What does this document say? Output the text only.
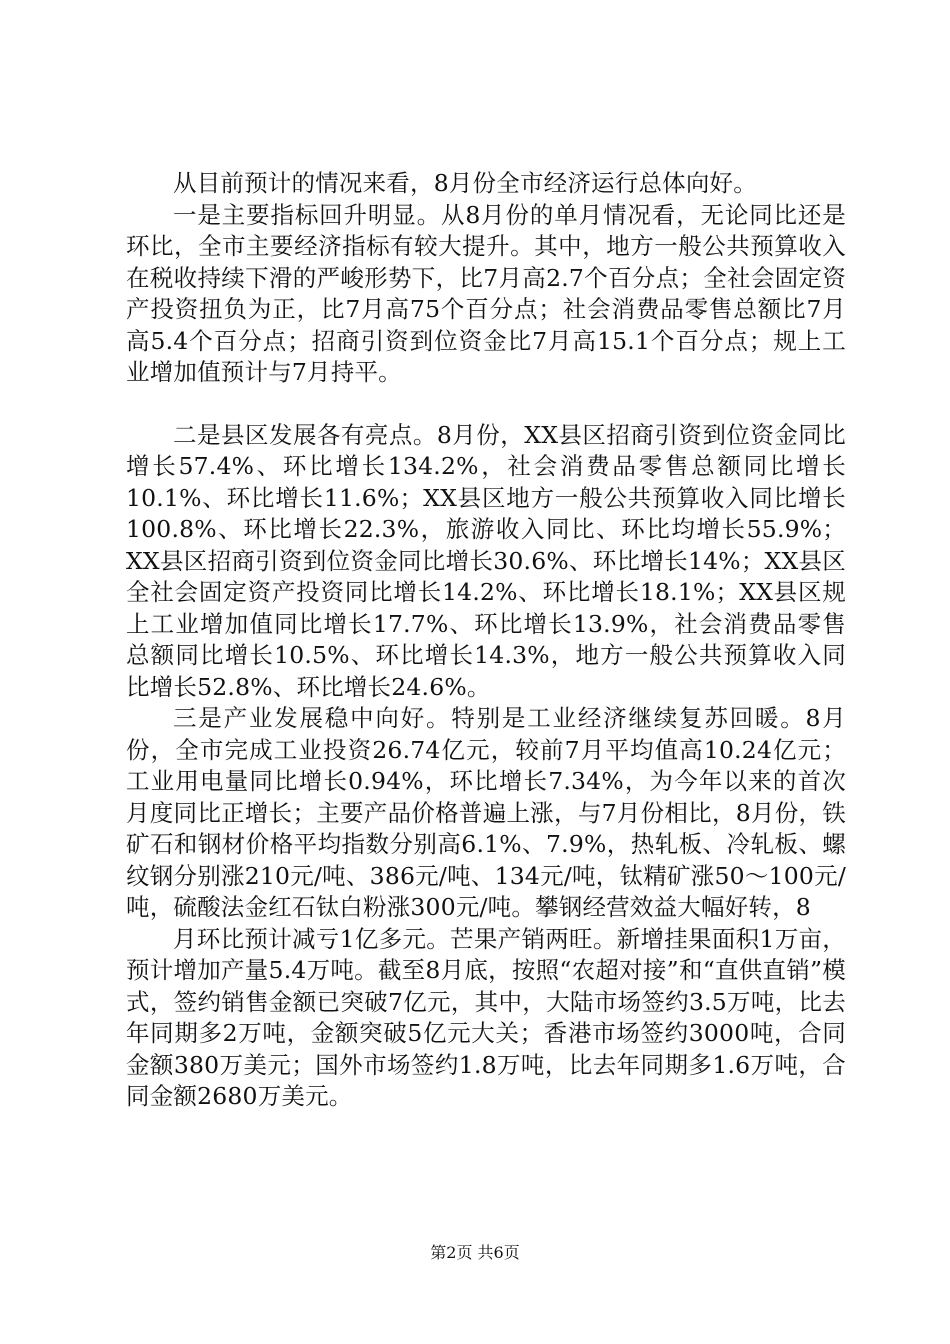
从目前预计的情况来看，8月份全市经济运行总体向好。

一是主要指标回升明显。从8月份的单月情况看，无论同比还是环比，全市主要经济指标有较大提升。其中，地方一般公共预算收入在税收持续下滑的严峻形势下，比7月高2.7个百分点；全社会固定资产投资扭负为正，比7月高75个百分点；社会消费品零售总额比7月高5.4个百分点；招商引资到位资金比7月高15.1个百分点；规上工业增加值预计与7月持平。

二是县区发展各有亮点。8月份，XX县区招商引资到位资金同比增长57.4%、环比增长134.2%，社会消费品零售总额同比增长10.1%、环比增长11.6%；XX县区地方一般公共预算收入同比增长100.8%、环比增长22.3%，旅游收入同比、环比均增长55.9%；XX县区招商引资到位资金同比增长30.6%、环比增长14%；XX县区全社会固定资产投资同比增长14.2%、环比增长18.1%；XX县区规上工业增加值同比增长17.7%、环比增长13.9%，社会消费品零售总额同比增长10.5%、环比增长14.3%，地方一般公共预算收入同比增长52.8%、环比增长24.6%。

三是产业发展稳中向好。特别是工业经济继续复苏回暖。8月份，全市完成工业投资26.74亿元，较前7月平均值高10.24亿元；工业用电量同比增长0.94%，环比增长7.34%，为今年以来的首次月度同比正增长；主要产品价格普遍上涨，与7月份相比，8月份，铁矿石和钢材价格平均指数分别高6.1%、7.9%，热轧板、冷轧板、螺纹钢分别涨210元/吨、386元/吨、134元/吨，钛精矿涨50～100元/吨，硫酸法金红石钛白粉涨300元/吨。攀钢经营效益大幅好转，8

月环比预计减亏1亿多元。芒果产销两旺。新增挂果面积1万亩，预计增加产量5.4万吨。截至8月底，按照“农超对接”和“直供直销”模式，签约销售金额已突破7亿元，其中，大陆市场签约3.5万吨，比去年同期多2万吨，金额突破5亿元大关；香港市场签约3000吨，合同金额380万美元；国外市场签约1.8万吨，比去年同期多1.6万吨，合同金额2680万美元。

第2页 共6页
